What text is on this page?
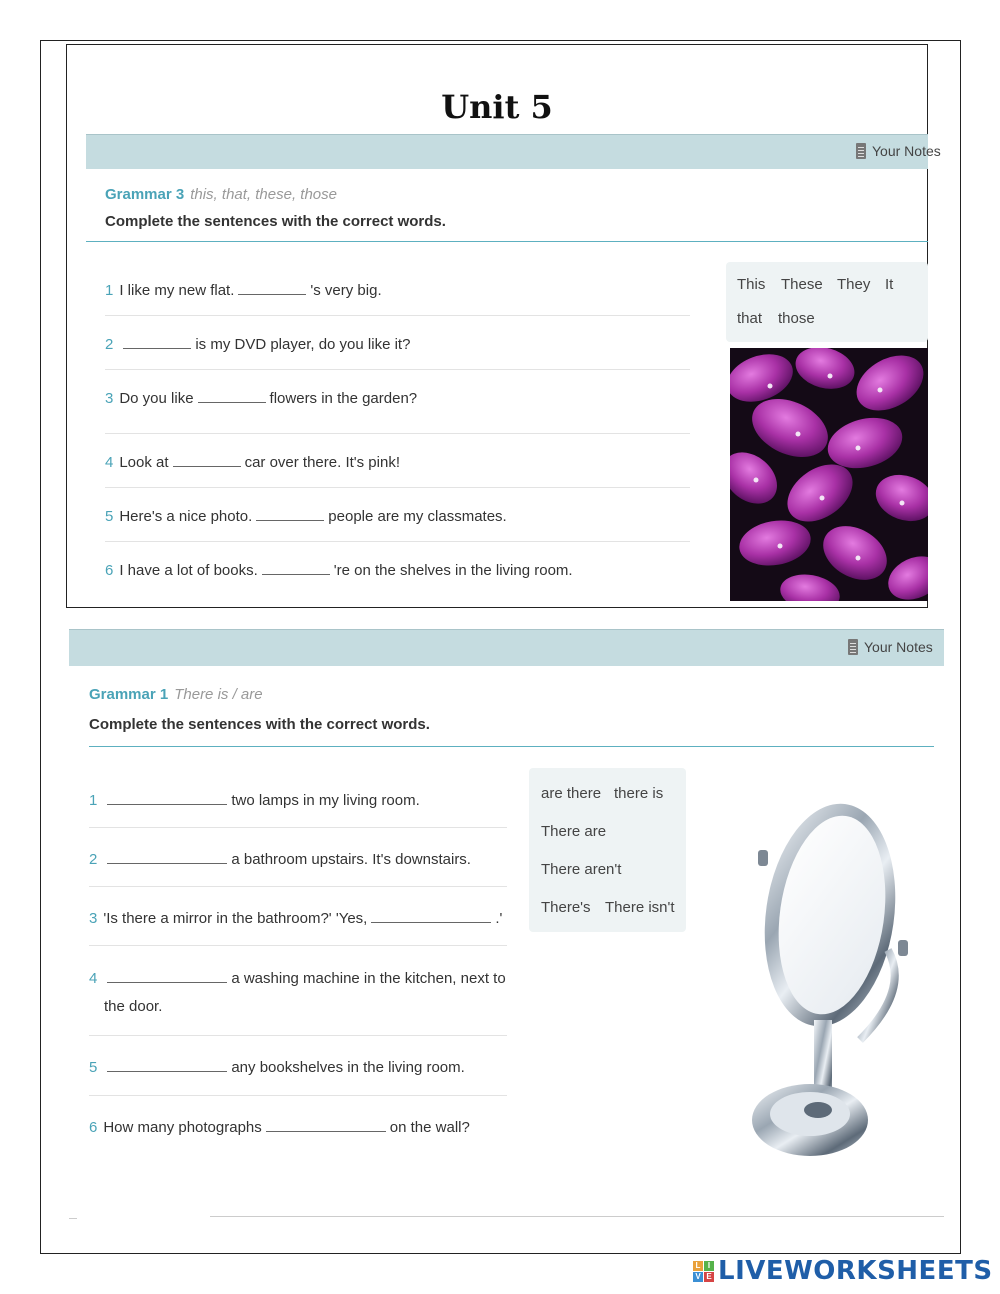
Unit 5
Your Notes
Grammar 3 this, that, these, those
Complete the sentences with the correct words.
1 I like my new flat.	's very big.
2	is my DVD player, do you like it?
3 Do you like	flowers in the garden?
4 Look at	car over there. It's pink!
5 Here's a nice photo.	people are my classmates.
6 I have a lot of books.	're on the shelves in the living room.
This These They It
that those
Your Notes
Grammar 1 There is / are
Complete the sentences with the correct words.
1	two lamps in my living room.
2	a bathroom upstairs. It's downstairs.
3 'Is there a mirror in the bathroom?' 'Yes,	.'
4	a washing machine in the kitchen, next to
the door.
5	any bookshelves in the living room.
6 How many photographs	on the wall?
are there there is
There are
There aren't
There's There isn't
L I
V E LIVEWORKSHEETS
